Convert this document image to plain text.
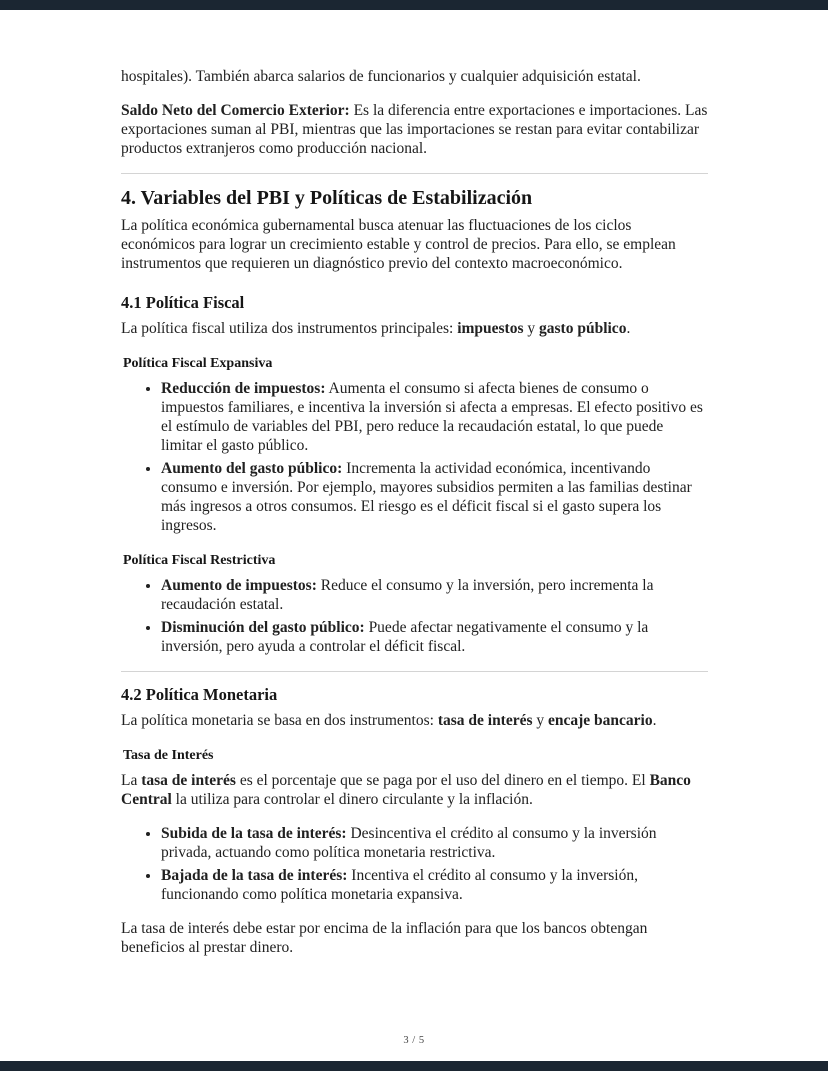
hospitales). También abarca salarios de funcionarios y cualquier adquisición estatal.

Saldo Neto del Comercio Exterior: Es la diferencia entre exportaciones e importaciones. Las exportaciones suman al PBI, mientras que las importaciones se restan para evitar contabilizar productos extranjeros como producción nacional.

4. Variables del PBI y Políticas de Estabilización

La política económica gubernamental busca atenuar las fluctuaciones de los ciclos económicos para lograr un crecimiento estable y control de precios. Para ello, se emplean instrumentos que requieren un diagnóstico previo del contexto macroeconómico.

4.1 Política Fiscal

La política fiscal utiliza dos instrumentos principales: impuestos y gasto público.

Política Fiscal Expansiva
• Reducción de impuestos: Aumenta el consumo si afecta bienes de consumo o impuestos familiares, e incentiva la inversión si afecta a empresas. El efecto positivo es el estímulo de variables del PBI, pero reduce la recaudación estatal, lo que puede limitar el gasto público.
• Aumento del gasto público: Incrementa la actividad económica, incentivando consumo e inversión. Por ejemplo, mayores subsidios permiten a las familias destinar más ingresos a otros consumos. El riesgo es el déficit fiscal si el gasto supera los ingresos.
Política Fiscal Restrictiva
• Aumento de impuestos: Reduce el consumo y la inversión, pero incrementa la recaudación estatal.
• Disminución del gasto público: Puede afectar negativamente el consumo y la inversión, pero ayuda a controlar el déficit fiscal.
4.2 Política Monetaria

La política monetaria se basa en dos instrumentos: tasa de interés y encaje bancario.

Tasa de Interés

La tasa de interés es el porcentaje que se paga por el uso del dinero en el tiempo. El Banco Central la utiliza para controlar el dinero circulante y la inflación.

• Subida de la tasa de interés: Desincentiva el crédito al consumo y la inversión privada, actuando como política monetaria restrictiva.
• Bajada de la tasa de interés: Incentiva el crédito al consumo y la inversión, funcionando como política monetaria expansiva.

La tasa de interés debe estar por encima de la inflación para que los bancos obtengan beneficios al prestar dinero.

3 / 5
